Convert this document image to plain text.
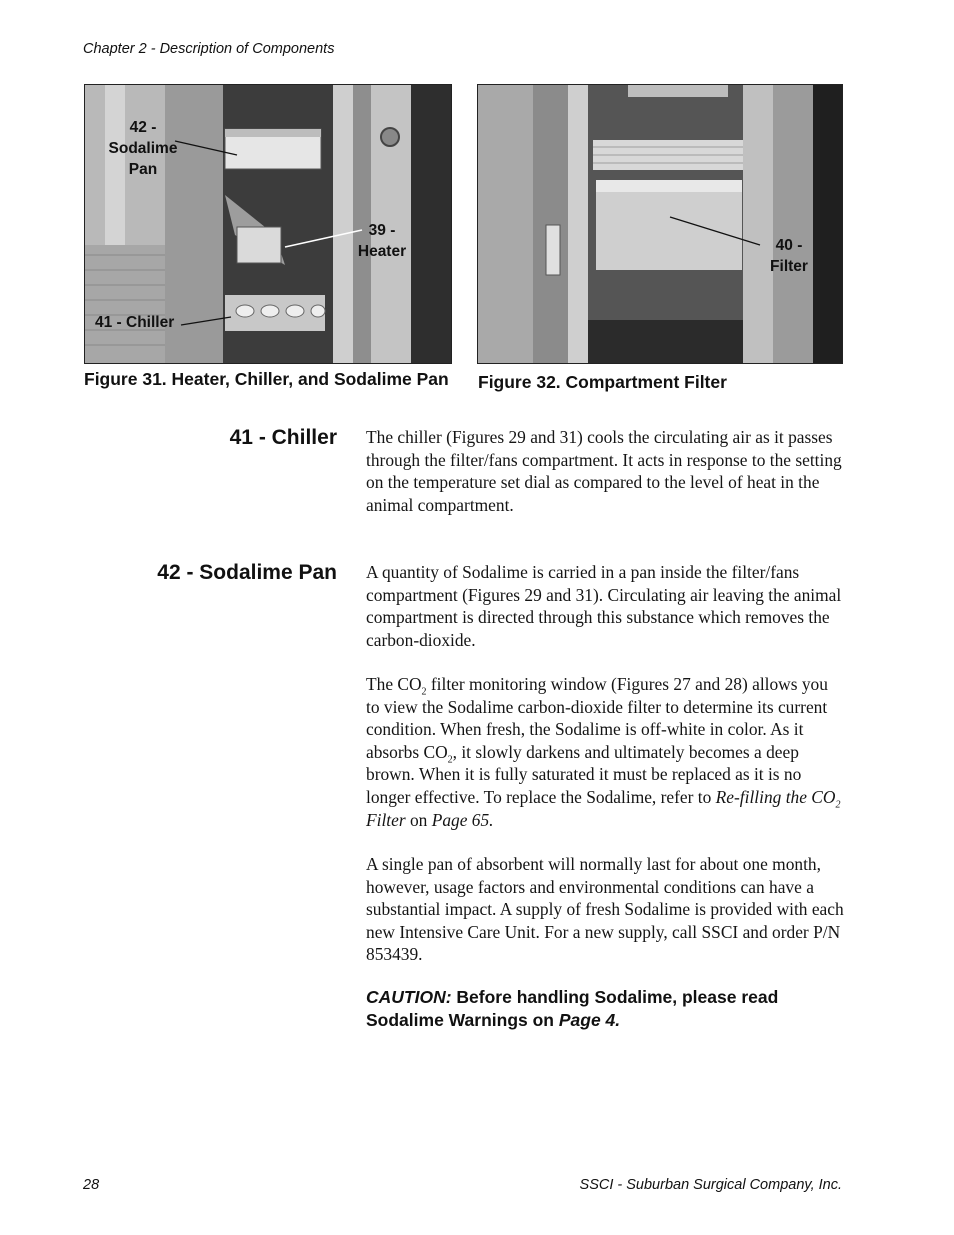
Chapter 2 - Description of Components
42 -
Sodalime
Pan
39 -
Heater
41 - Chiller
40 -
Filter
Figure 31. Heater, Chiller, and Sodalime Pan	Figure 32. Compartment Filter
41 - Chiller The chiller (Figures 29 and 31) cools the circulating air as it passes through the filter/fans compartment. It acts in response to the setting on the temperature set dial as compared to the level of heat in the animal compartment.
42 - Sodalime Pan A quantity of Sodalime is carried in a pan inside the filter/fans compartment (Figures 29 and 31). Circulating air leaving the animal compartment is directed through this substance which removes the carbon-dioxide.
The $CO_2$ filter monitoring window (Figures 27 and 28) allows you to view the Sodalime carbon-dioxide filter to determine its current condition. When fresh, the Sodalime is off-white in color. As it absorbs $CO_2$, it slowly darkens and ultimately becomes a deep brown. When it is fully saturated it must be replaced as it is no longer effective. To replace the Sodalime, refer to Re-filling the $CO_2$ Filter on Page 65.
A single pan of absorbent will normally last for about one month, however, usage factors and environmental conditions can have a substantial impact. A supply of fresh Sodalime is provided with each new Intensive Care Unit. For a new supply, call SSCI and order P/N 853439.
CAUTION: Before handling Sodalime, please read Sodalime Warnings on Page 4.
28	SSCI - Suburban Surgical Company, Inc.
